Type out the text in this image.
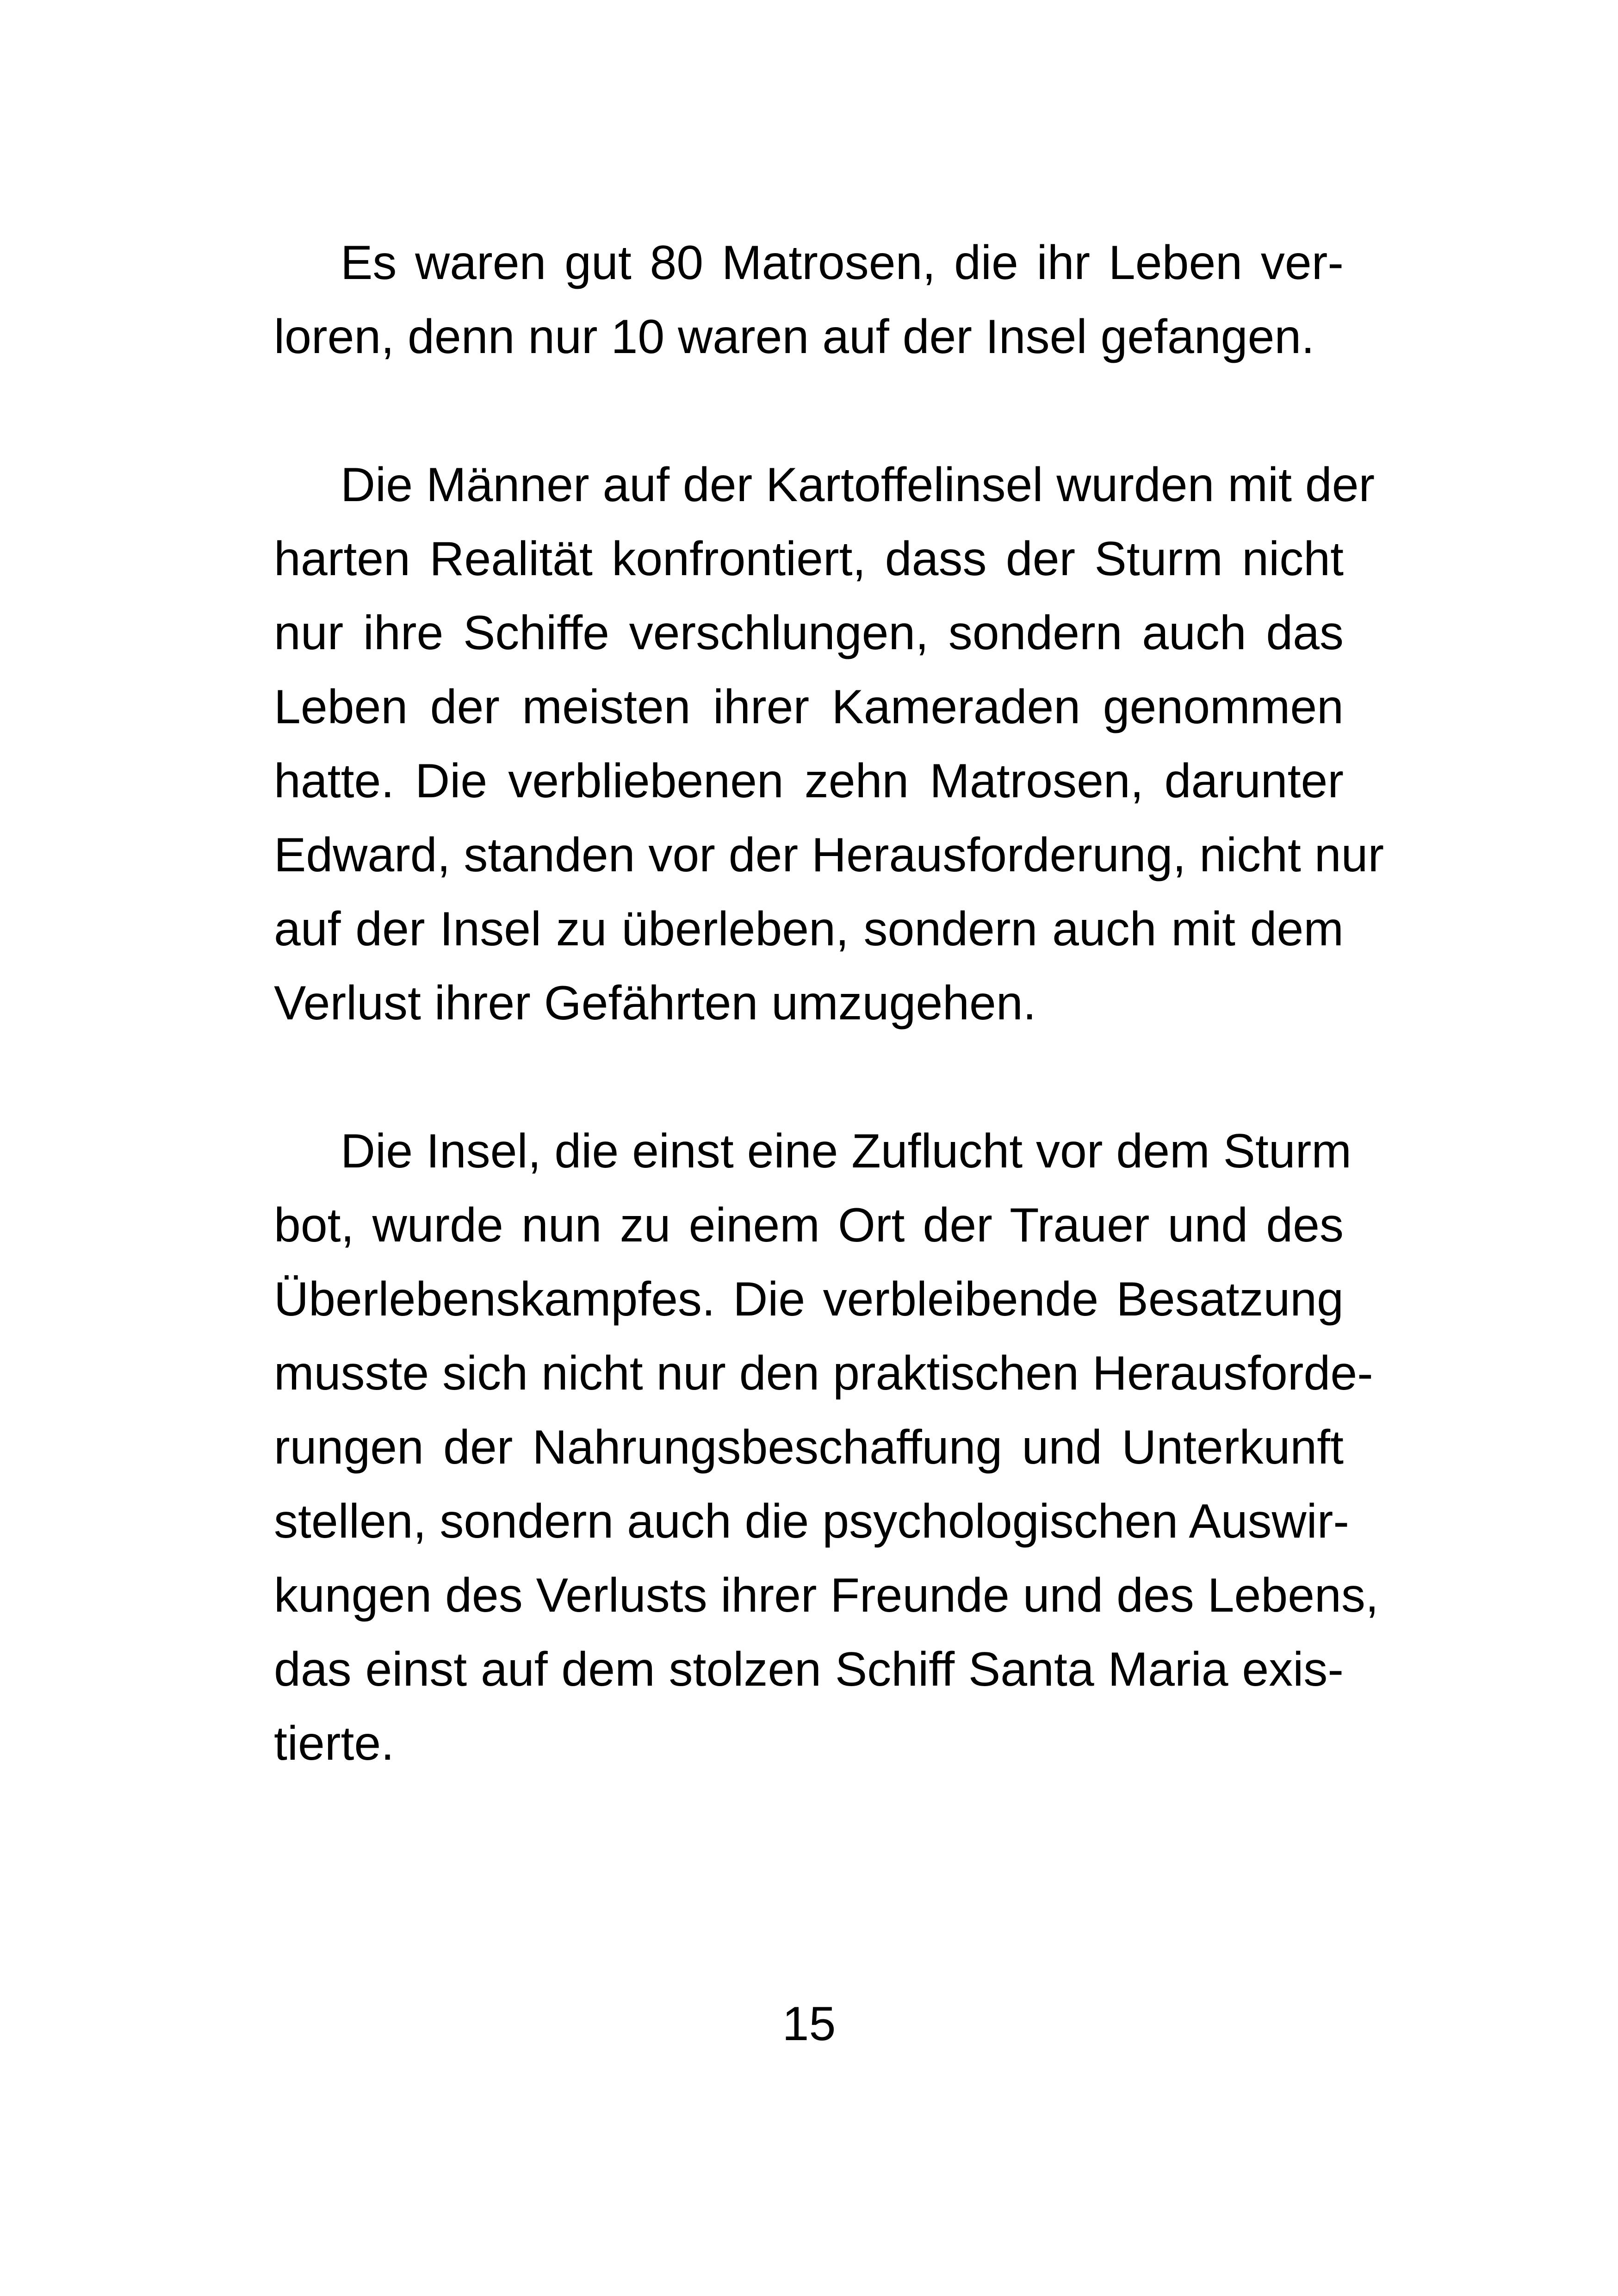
Es waren gut 80 Matrosen, die ihr Leben ver-
loren, denn nur 10 waren auf der Insel gefangen.
Die Männer auf der Kartoffelinsel wurden mit der
harten Realität konfrontiert, dass der Sturm nicht
nur ihre Schiffe verschlungen, sondern auch das
Leben der meisten ihrer Kameraden genommen
hatte. Die verbliebenen zehn Matrosen, darunter
Edward, standen vor der Herausforderung, nicht nur
auf der Insel zu überleben, sondern auch mit dem
Verlust ihrer Gefährten umzugehen.
Die Insel, die einst eine Zuflucht vor dem Sturm
bot, wurde nun zu einem Ort der Trauer und des
Überlebenskampfes. Die verbleibende Besatzung
musste sich nicht nur den praktischen Herausforde-
rungen der Nahrungsbeschaffung und Unterkunft
stellen, sondern auch die psychologischen Auswir-
kungen des Verlusts ihrer Freunde und des Lebens,
das einst auf dem stolzen Schiff Santa Maria exis-
tierte.
15
